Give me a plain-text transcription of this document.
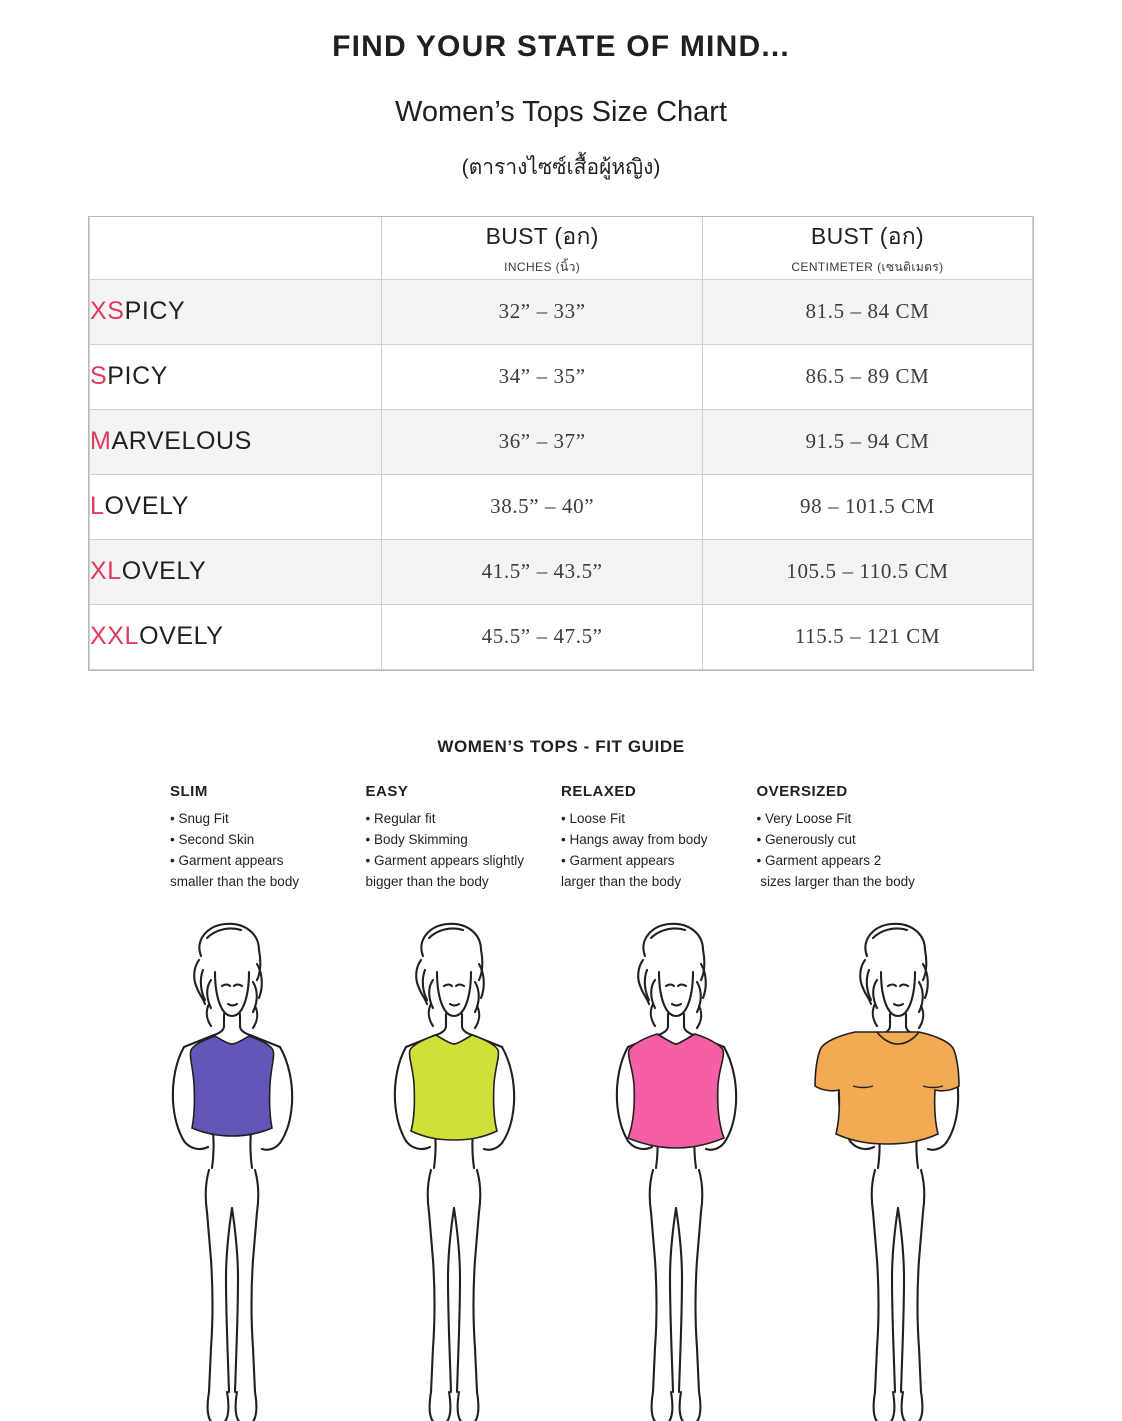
FIND YOUR STATE OF MIND...
Women’s Tops Size Chart
(ตารางไซซ์เสื้อผู้หญิง)

BUST (อก)
INCHES (นิ้ว)

BUST (อก)
CENTIMETER (เซนติเมตร)

XSPICY	32” – 33”	81.5 – 84 CM
SPICY	34” – 35”	86.5 – 89 CM
MARVELOUS	36” – 37”	91.5 – 94 CM
LOVELY	38.5” – 40”	98 – 101.5 CM
XLOVELY	41.5” – 43.5”	105.5 – 110.5 CM
XXLOVELY	45.5” – 47.5”	115.5 – 121 CM
WOMEN’S TOPS - FIT GUIDE
SLIM
• Snug Fit
• Second Skin
• Garment appears
smaller than the body
EASY
• Regular fit
• Body Skimming
• Garment appears slightly
bigger than the body
RELAXED
• Loose Fit
• Hangs away from body
• Garment appears
larger than the body
OVERSIZED
• Very Loose Fit
• Generously cut
• Garment appears 2
sizes larger than the body
